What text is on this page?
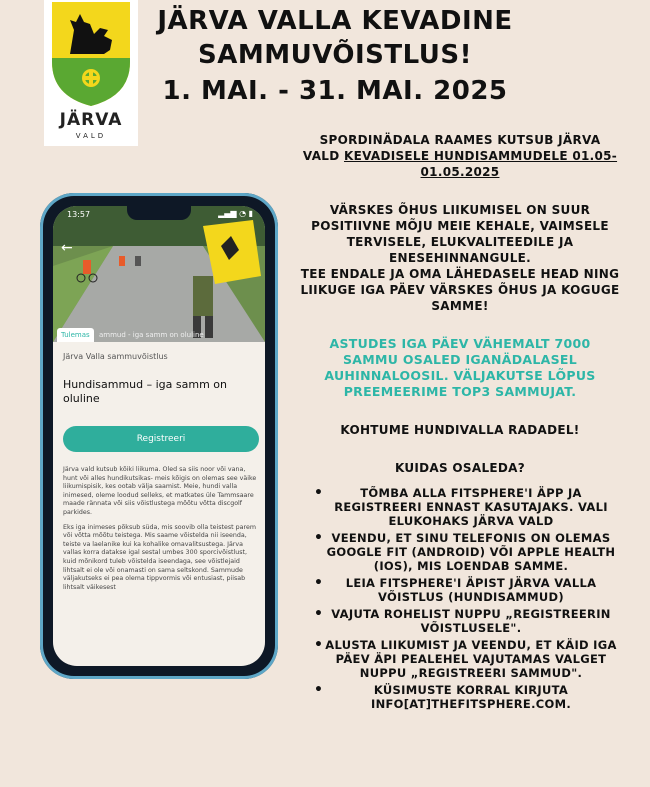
JÄRVA
VALD
JÄRVA VALLA KEVADINE SAMMUVÕISTLUS!
1. MAI. - 31. MAI. 2025

SPORDINÄDALA RAAMES KUTSUB JÄRVA VALD KEVADISELE HUNDISAMMUDELE 01.05-01.05.2025

VÄRSKES ÕHUS LIIKUMISEL ON SUUR POSITIIVNE MÕJU MEIE KEHALE, VAIMSELE TERVISELE, ELUKVALITEEDILE JA ENESEHINNANGULE.

TEE ENDALE JA OMA LÄHEDASELE HEAD NING LIIKUGE IGA PÄEV VÄRSKES ÕHUS JA KOGUGE SAMME!

ASTUDES IGA PÄEV VÄHEMALT 7000 SAMMU OSALED IGANÄDALASEL AUHINNALOOSIL. VÄLJAKUTSE LÕPUS PREEMEERIME TOP3 SAMMUJAT.

KOHTUME HUNDIVALLA RADADEL!

KUIDAS OSALEDA?

• TÕMBA ALLA FITSPHERE'I ÄPP JA REGISTREERI ENNAST KASUTAJAKS. VALI ELUKOHAKS JÄRVA VALD
• VEENDU, ET SINU TELEFONIS ON OLEMAS GOOGLE FIT (ANDROID) VÕI APPLE HEALTH (IOS), MIS LOENDAB SAMME.
• LEIA FITSPHERE'I ÄPIST JÄRVA VALLA VÕISTLUS (HUNDISAMMUD)
• VAJUTA ROHELIST NUPPU „REGISTREERIN VÕISTLUSELE".
• ALUSTA LIIKUMIST JA VEENDU, ET KÄID IGA PÄEV ÄPI PEALEHEL VAJUTAMAS VALGET NUPPU „REGISTREERI SAMMUD".
• KÜSIMUSTE KORRAL KIRJUTA INFO[AT]THEFITSPHERE.COM.
13:57	▂▄▆ ◔ ▮
←
Tulemas	ammud - iga samm on oluline
Järva Valla sammuvõistlus
Hundisammud – iga samm on oluline
Registreeri

Järva vald kutsub kõiki liikuma. Oled sa siis noor või vana, hunt või alles hundikutsikas- meis kõigis on olemas see väike liikumispisik, kes ootab välja saamist. Meie, hundi valla inimesed, oleme loodud selleks, et matkates üle Tammsaare maade rännata või siis võistlustega mõõtu võtta discgolf parkides.

Eks iga inimeses põksub süda, mis soovib olla teistest parem või võtta mõõtu teistega. Mis saame võistelda nii iseenda, teiste va laelanike kui ka kohalike omavalitsustega. Järva vallas korra datakse igal sestal umbes 300 sporcivõistlust, kuid mõnikord tuleb võistelda iseendaga, see võistlejaid lihtsalt ei ole või onamasti on sama seltskond. Sammude väljakutseks ei pea olema tippvormis või entusiast, piisab lihtsalt väikesest
